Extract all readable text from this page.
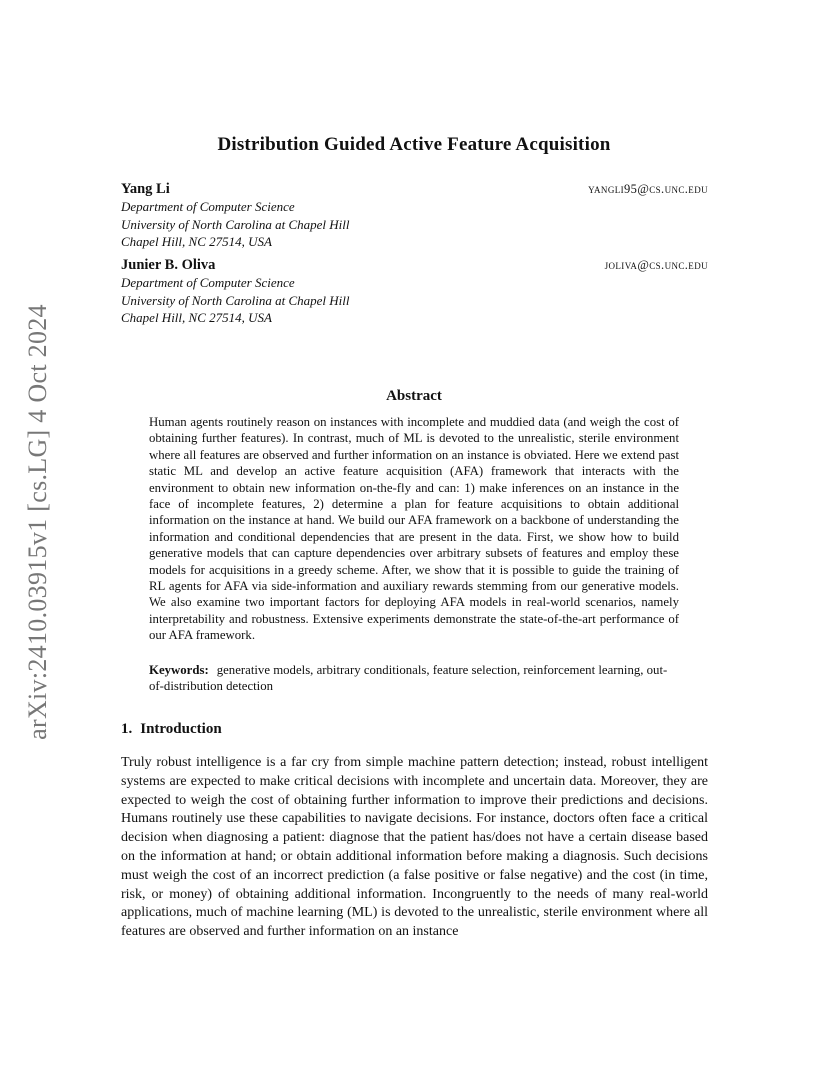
arXiv:2410.03915v1 [cs.LG] 4 Oct 2024
Distribution Guided Active Feature Acquisition
Yang Li	yangli95@cs.unc.edu
Department of Computer Science
University of North Carolina at Chapel Hill
Chapel Hill, NC 27514, USA
Junier B. Oliva	joliva@cs.unc.edu
Department of Computer Science
University of North Carolina at Chapel Hill
Chapel Hill, NC 27514, USA
Abstract

Human agents routinely reason on instances with incomplete and muddied data (and weigh the cost of obtaining further features). In contrast, much of ML is devoted to the unrealistic, sterile environment where all features are observed and further information on an instance is obviated. Here we extend past static ML and develop an active feature acquisition (AFA) framework that interacts with the environment to obtain new information on-the-fly and can: 1) make inferences on an instance in the face of incomplete features, 2) determine a plan for feature acquisitions to obtain additional information on the instance at hand. We build our AFA framework on a backbone of understanding the information and conditional dependencies that are present in the data. First, we show how to build generative models that can capture dependencies over arbitrary subsets of features and employ these models for acquisitions in a greedy scheme. After, we show that it is possible to guide the training of RL agents for AFA via side-information and auxiliary rewards stemming from our generative models. We also examine two important factors for deploying AFA models in real-world scenarios, namely interpretability and robustness. Extensive experiments demonstrate the state-of-the-art performance of our AFA framework.

Keywords: generative models, arbitrary conditionals, feature selection, reinforcement learning, out-of-distribution detection
1. Introduction

Truly robust intelligence is a far cry from simple machine pattern detection; instead, robust intelligent systems are expected to make critical decisions with incomplete and uncertain data. Moreover, they are expected to weigh the cost of obtaining further information to improve their predictions and decisions. Humans routinely use these capabilities to navigate decisions. For instance, doctors often face a critical decision when diagnosing a patient: diagnose that the patient has/does not have a certain disease based on the information at hand; or obtain additional information before making a diagnosis. Such decisions must weigh the cost of an incorrect prediction (a false positive or false negative) and the cost (in time, risk, or money) of obtaining additional information. Incongruently to the needs of many real-world applications, much of machine learning (ML) is devoted to the unrealistic, sterile environment where all features are observed and further information on an instance
